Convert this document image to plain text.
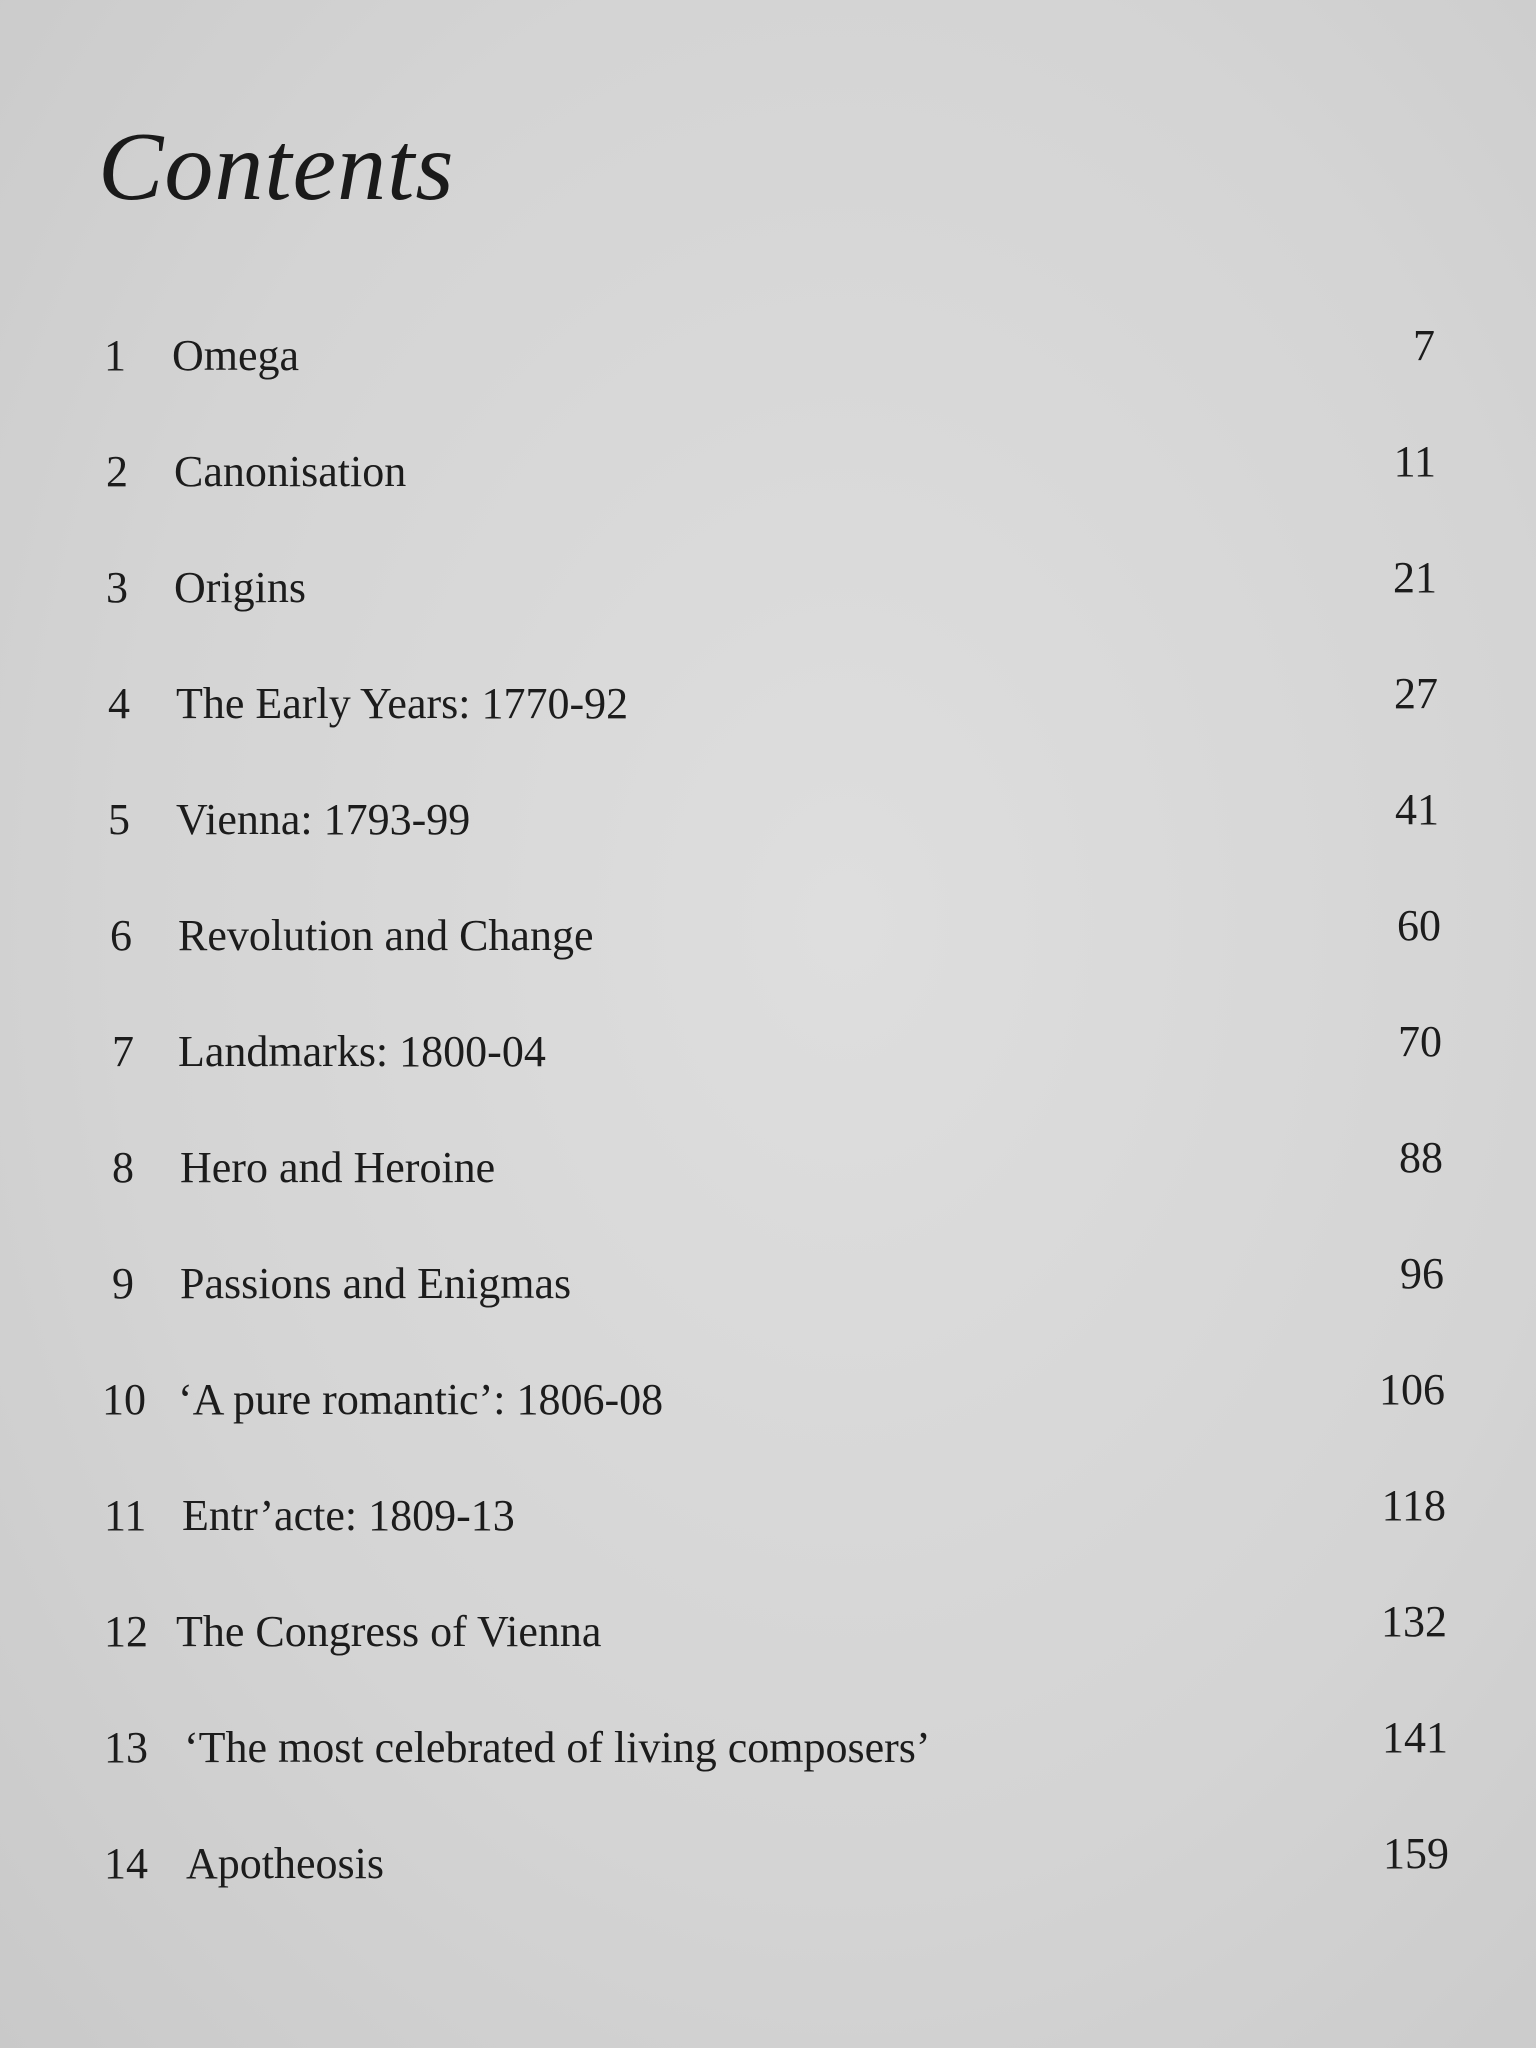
Contents
1 Omega	7
2 Canonisation	11
3 Origins	21
4 The Early Years: 1770-92	27
5 Vienna: 1793-99	41
6 Revolution and Change	60
7 Landmarks: 1800-04	70
8 Hero and Heroine	88
9 Passions and Enigmas	96
10 ‘A pure romantic’: 1806-08	106
11 Entr’acte: 1809-13	118
12 The Congress of Vienna	132
13 ‘The most celebrated of living composers’	141
14 Apotheosis	159
